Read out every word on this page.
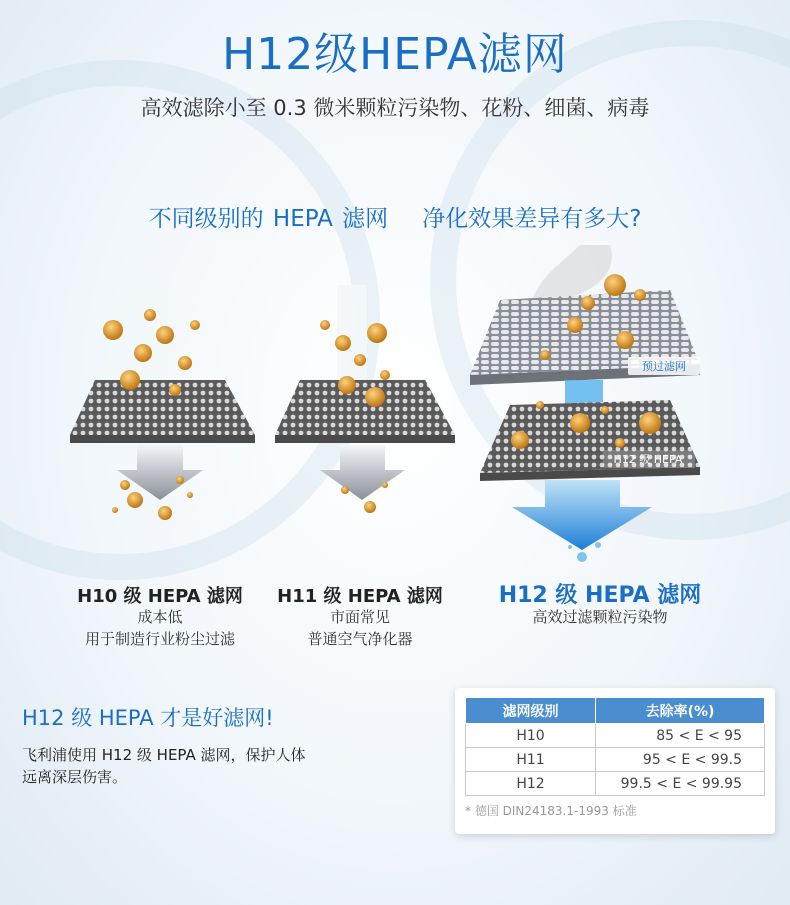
H12级HEPA滤网
高效滤除小至 0.3 微米颗粒污染物、花粉、细菌、病毒
不同级别的 HEPA 滤网 净化效果差异有多大?
预过滤网
H12 级 HEPA
H10 级 HEPA 滤网
成本低
用于制造行业粉尘过滤
H11 级 HEPA 滤网
市面常见
普通空气净化器
H12 级 HEPA 滤网
高效过滤颗粒污染物
H12 级 HEPA 才是好滤网!
飞利浦使用 H12 级 HEPA 滤网，保护人体
远离深层伤害。
滤网级别	去除率(%)
H10	85 < E < 95
H11	95 < E < 99.5
H12	99.5 < E < 99.95
* 德国 DIN24183.1-1993 标准
